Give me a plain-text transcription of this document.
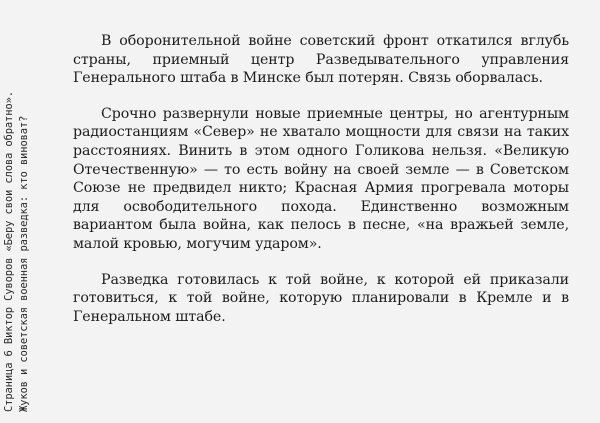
Страница 6 Виктор Суворов «Беру свои слова обратно». Жуков и советская военная разведка: кто виноват?

В оборонительной войне советский фронт откатился вглубь страны, приемный центр Разведывательного управления Генерального штаба в Минске был потерян. Связь оборвалась.

Срочно развернули новые приемные центры, но агентурным радиостанциям «Север» не хватало мощности для связи на таких расстояниях. Винить в этом одного Голикова нельзя. «Великую Отечественную» — то есть войну на своей земле — в Советском Союзе не предвидел никто; Красная Армия прогревала моторы для освободительного похода. Единственно возможным вариантом была война, как пелось в песне, «на вражьей земле, малой кровью, могучим ударом».

Разведка готовилась к той войне, к которой ей приказали готовиться, к той войне, которую планировали в Кремле и в Генеральном штабе.
